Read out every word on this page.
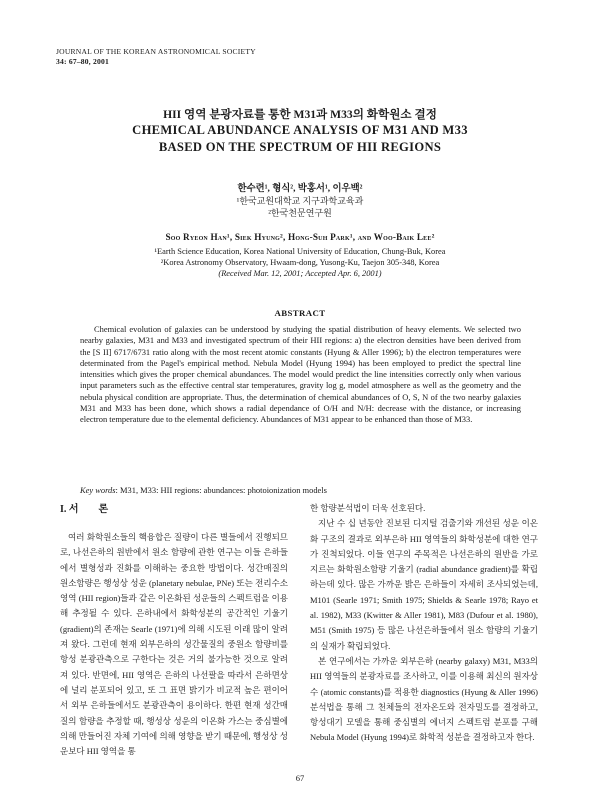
JOURNAL OF THE KOREAN ASTRONOMICAL SOCIETY
34: 67–80, 2001
HII 영역 분광자료를 통한 M31과 M33의 화학원소 결정
CHEMICAL ABUNDANCE ANALYSIS OF M31 AND M33
BASED ON THE SPECTRUM OF HII REGIONS
한수련¹, 형식², 박홍서¹, 이우백²
¹한국교원대학교 지구과학교육과
²한국천문연구원
Soo Ryeon Han¹, Siek Hyung², Hong-Suh Park¹, and Woo-Baik Lee²
¹Earth Science Education, Korea National University of Education, Chung-Buk, Korea
²Korea Astronomy Observatory, Hwaam-dong, Yusong-Ku, Taejon 305-348, Korea
(Received Mar. 12, 2001; Accepted Apr. 6, 2001)
ABSTRACT

Chemical evolution of galaxies can be understood by studying the spatial distribution of heavy elements. We selected two nearby galaxies, M31 and M33 and investigated spectrum of their HII regions: a) the electron densities have been derived from the [S II] 6717/6731 ratio along with the most recent atomic constants (Hyung & Aller 1996); b) the electron temperatures were determinated from the Pagel's empirical method. Nebula Model (Hyung 1994) has been employed to predict the spectral line intensities which gives the proper chemical abundances. The model would predict the line intensities correctly only when various input parameters such as the effective central star temperatures, gravity log g, model atmosphere as well as the geometry and the nebula physical condition are appropriate. Thus, the determination of chemical abundances of O, S, N of the two nearby galaxies M31 and M33 has been done, which shows a radial dependance of O/H and N/H: decrease with the distance, or increasing electron temperature due to the elemental deficiency. Abundances of M31 appear to be enhanced than those of M33.

Key words: M31, M33: HII regions: abundances: photoionization models
I. 서　　론

여러 화학원소들의 핵융합은 질량이 다른 별들에서 진행되므로, 나선은하의 원반에서 원소 함량에 관한 연구는 이들 은하들에서 별형성과 진화를 이해하는 중요한 방법이다. 성간매질의 원소함량은 행성상 성운 (planetary nebulae, PNe) 또는 전리수소영역 (HII region)들과 같은 이온화된 성운들의 스펙트럼을 이용해 추정될 수 있다. 은하내에서 화학성분의 공간적인 기울기 (gradient)의 존재는 Searle (1971)에 의해 시도된 이래 많이 알려져 왔다. 그런데 현재 외부은하의 성간물질의 중원소 함량비를 항성 분광관측으로 구한다는 것은 거의 불가능한 것으로 알려져 있다. 반면에, HII 영역은 은하의 나선팔을 따라서 은하면상에 널리 분포되어 있고, 또 그 표면 밝기가 비교적 높은 편이어서 외부 은하들에서도 분광관측이 용이하다. 한편 현재 성간매질의 함량을 추정할 때, 행성상 성운의 이온화 가스는 중심별에 의해 만들어진 자체 기여에 의해 영향을 받기 때문에, 행성상 성운보다 HII 영역을 통

한 함량분석법이 더욱 선호된다.

지난 수 십 년동안 진보된 디지털 검출기와 개선된 성운 이온화 구조의 결과로 외부은하 HII 영역들의 화학성분에 대한 연구가 진척되었다. 이들 연구의 주목적은 나선은하의 원반을 가로지르는 화학원소함량 기울기 (radial abundance gradient)를 확립하는데 있다. 많은 가까운 밝은 은하들이 자세히 조사되었는데, M101 (Searle 1971; Smith 1975; Shields & Searle 1978; Rayo et al. 1982), M33 (Kwitter & Aller 1981), M83 (Dufour et al. 1980), M51 (Smith 1975) 등 많은 나선은하들에서 원소 함량의 기울기의 실재가 확립되었다.

본 연구에서는 가까운 외부은하 (nearby galaxy) M31, M33의 HII 영역들의 분광자료를 조사하고, 이를 이용해 최신의 원자상수 (atomic constants)를 적용한 diagnostics (Hyung & Aller 1996) 분석법을 통해 그 천체들의 전자온도와 전자밀도를 결정하고, 항성대기 모델을 통해 중심별의 에너지 스펙트럼 분포를 구해 Nebula Model (Hyung 1994)로 화학적 성분을 결정하고자 한다.

67
